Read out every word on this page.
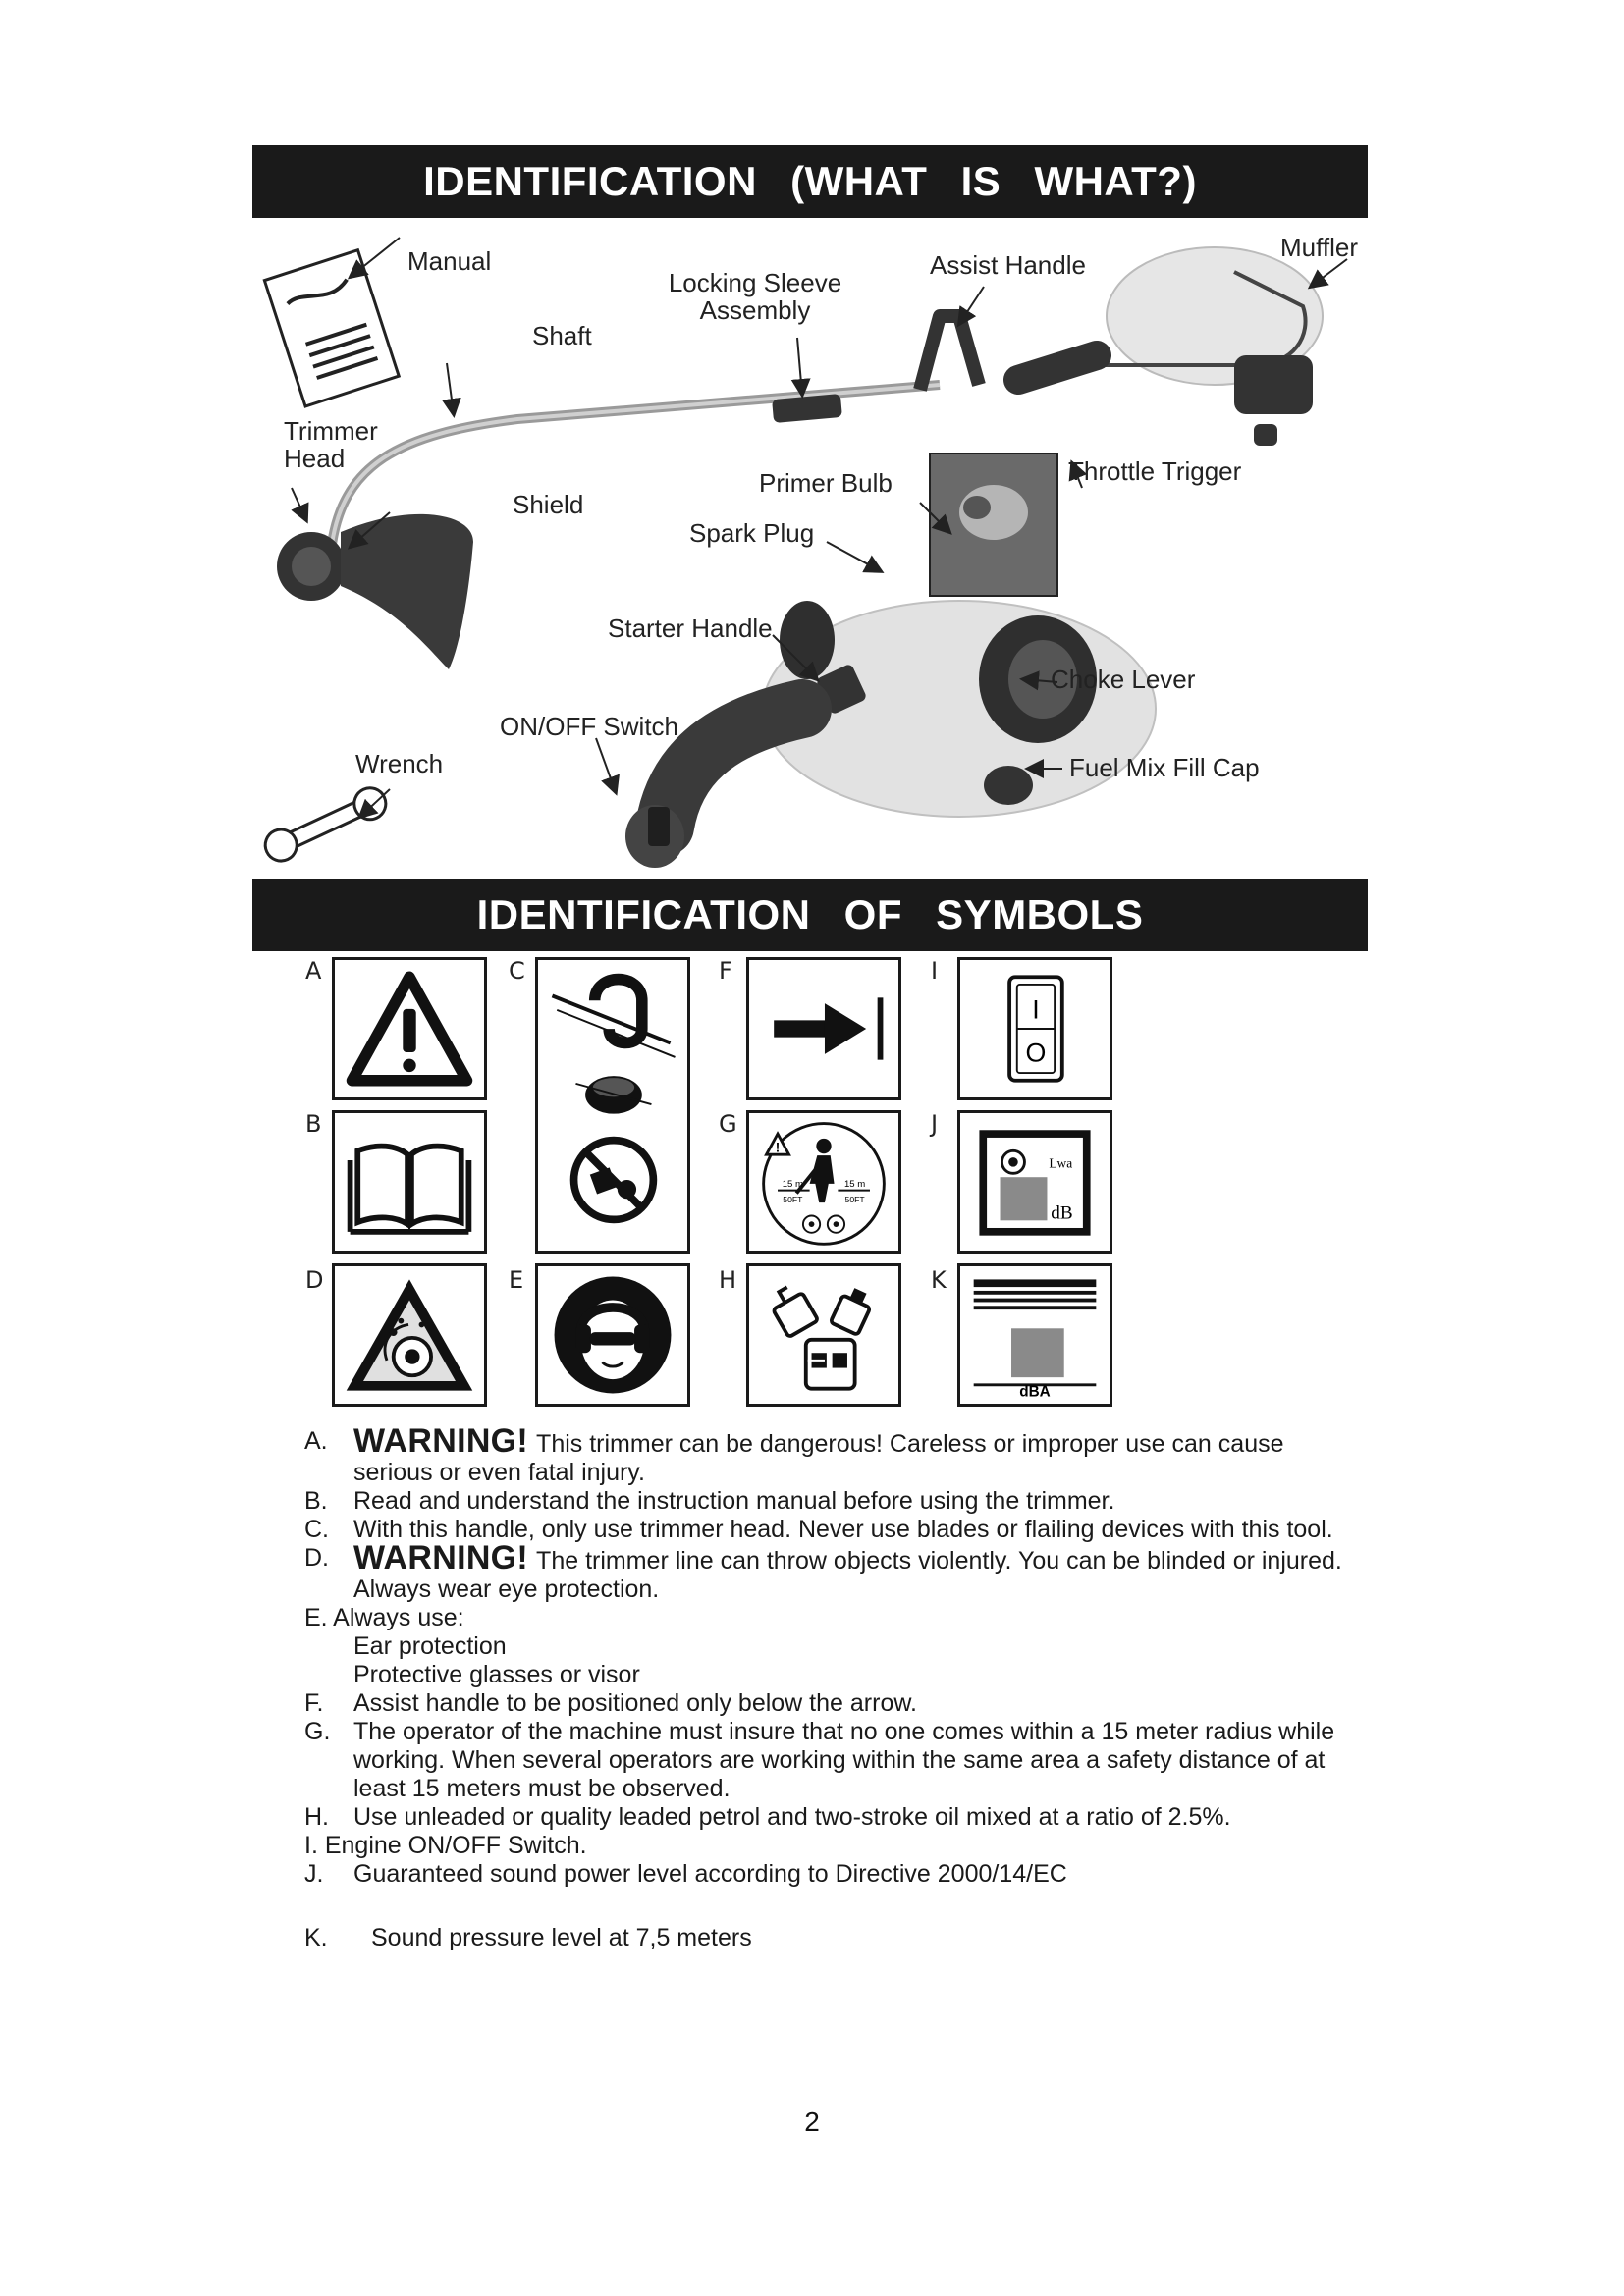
IDENTIFICATION (WHAT IS WHAT?)
Manual
Shaft
Locking Sleeve
Assembly
Assist Handle
Muffler
Trimmer
Head
Shield
Primer Bulb	Throttle Trigger
Spark Plug
Starter Handle
Choke Lever
ON/OFF Switch
Wrench	Fuel Mix Fill Cap
IDENTIFICATION OF SYMBOLS
A
B
D
C
E
F
G
H
I
J
K
!
15 m	15 m
50FT	50FT
I
O
Lwa
dB
dBA
A. WARNING! This trimmer can be dangerous! Careless or improper use can cause serious or even fatal injury.
B.	Read and understand the instruction manual before using the trimmer.
C.	With this handle, only use trimmer head. Never use blades or flailing devices with this tool.
D. WARNING! The trimmer line can throw objects violently. You can be blinded or injured. Always wear eye protection.
E. Always use:
Ear protection
Protective glasses or visor
F.	Assist handle to be positioned only below the arrow.
G. The operator of the machine must insure that no one comes within a 15 meter radius while working. When several operators are working within the same area a safety distance of at least 15 meters must be observed.
H.	Use unleaded or quality leaded petrol and two-stroke oil mixed at a ratio of 2.5%.
I. Engine ON/OFF Switch.
J.	Guaranteed sound power level according to Directive 2000/14/EC
K.	Sound pressure level at 7,5 meters
2
